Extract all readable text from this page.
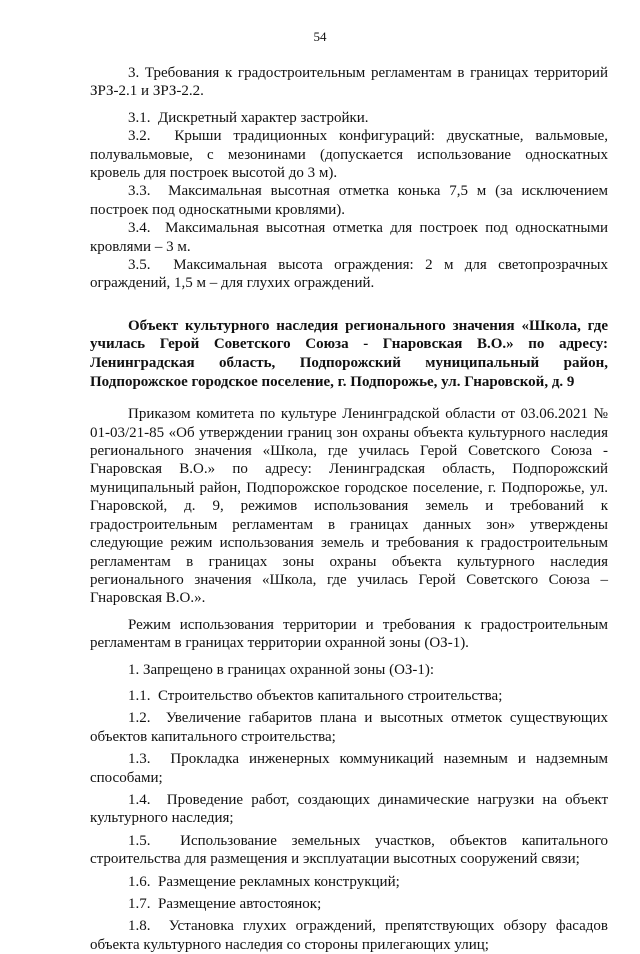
54

3. Требования к градостроительным регламентам в границах территорий ЗРЗ-2.1 и ЗРЗ-2.2.

3.1. Дискретный характер застройки.

3.2. Крыши традиционных конфигураций: двускатные, вальмовые, полувальмовые, с мезонинами (допускается использование односкатных кровель для построек высотой до 3 м).

3.3. Максимальная высотная отметка конька 7,5 м (за исключением построек под односкатными кровлями).

3.4. Максимальная высотная отметка для построек под односкатными кровлями – 3 м.

3.5. Максимальная высота ограждения: 2 м для светопрозрачных ограждений, 1,5 м – для глухих ограждений.

Объект культурного наследия регионального значения «Школа, где училась Герой Советского Союза - Гнаровская В.О.» по адресу: Ленинградская область, Подпорожский муниципальный район, Подпорожское городское поселение, г. Подпорожье, ул. Гнаровской, д. 9

Приказом комитета по культуре Ленинградской области от 03.06.2021 № 01-03/21-85 «Об утверждении границ зон охраны объекта культурного наследия регионального значения «Школа, где училась Герой Советского Союза - Гнаровская В.О.» по адресу: Ленинградская область, Подпорожский муниципальный район, Подпорожское городское поселение, г. Подпорожье, ул. Гнаровской, д. 9, режимов использования земель и требований к градостроительным регламентам в границах данных зон» утверждены следующие режим использования земель и требования к градостроительным регламентам в границах зоны охраны объекта культурного наследия регионального значения «Школа, где училась Герой Советского Союза – Гнаровская В.О.».

Режим использования территории и требования к градостроительным регламентам в границах территории охранной зоны (ОЗ-1).

1. Запрещено в границах охранной зоны (ОЗ-1):

1.1. Строительство объектов капитального строительства;

1.2. Увеличение габаритов плана и высотных отметок существующих объектов капитального строительства;

1.3. Прокладка инженерных коммуникаций наземным и надземным способами;

1.4. Проведение работ, создающих динамические нагрузки на объект культурного наследия;

1.5. Использование земельных участков, объектов капитального строительства для размещения и эксплуатации высотных сооружений связи;

1.6. Размещение рекламных конструкций;

1.7. Размещение автостоянок;

1.8. Установка глухих ограждений, препятствующих обзору фасадов объекта культурного наследия со стороны прилегающих улиц;
